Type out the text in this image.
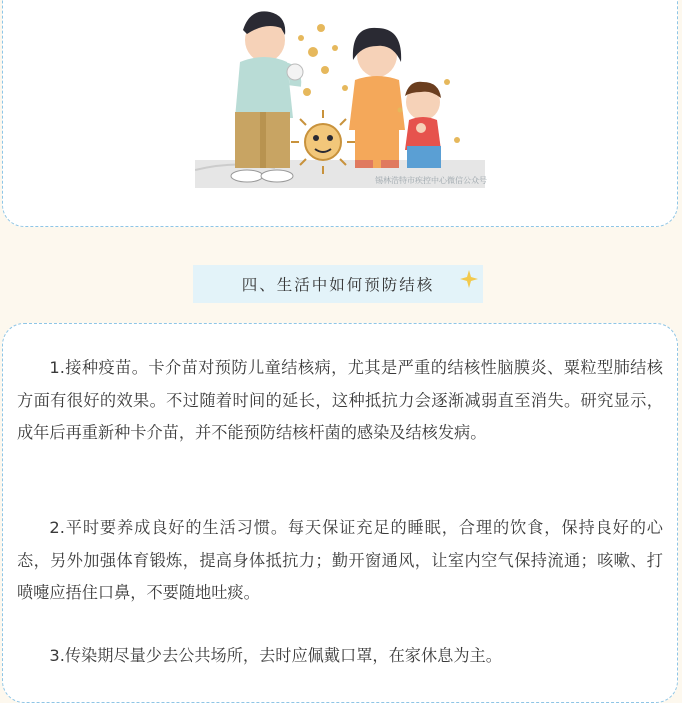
锡林浩特市疾控中心微信公众号
四、生活中如何预防结核

1.接种疫苗。卡介苗对预防儿童结核病，尤其是严重的结核性脑膜炎、粟粒型肺结核方面有很好的效果。不过随着时间的延长，这种抵抗力会逐渐减弱直至消失。研究显示，成年后再重新种卡介苗，并不能预防结核杆菌的感染及结核发病。

2.平时要养成良好的生活习惯。每天保证充足的睡眠，合理的饮食，保持良好的心态，另外加强体育锻炼，提高身体抵抗力；勤开窗通风，让室内空气保持流通；咳嗽、打喷嚏应捂住口鼻，不要随地吐痰。

3.传染期尽量少去公共场所，去时应佩戴口罩，在家休息为主。
